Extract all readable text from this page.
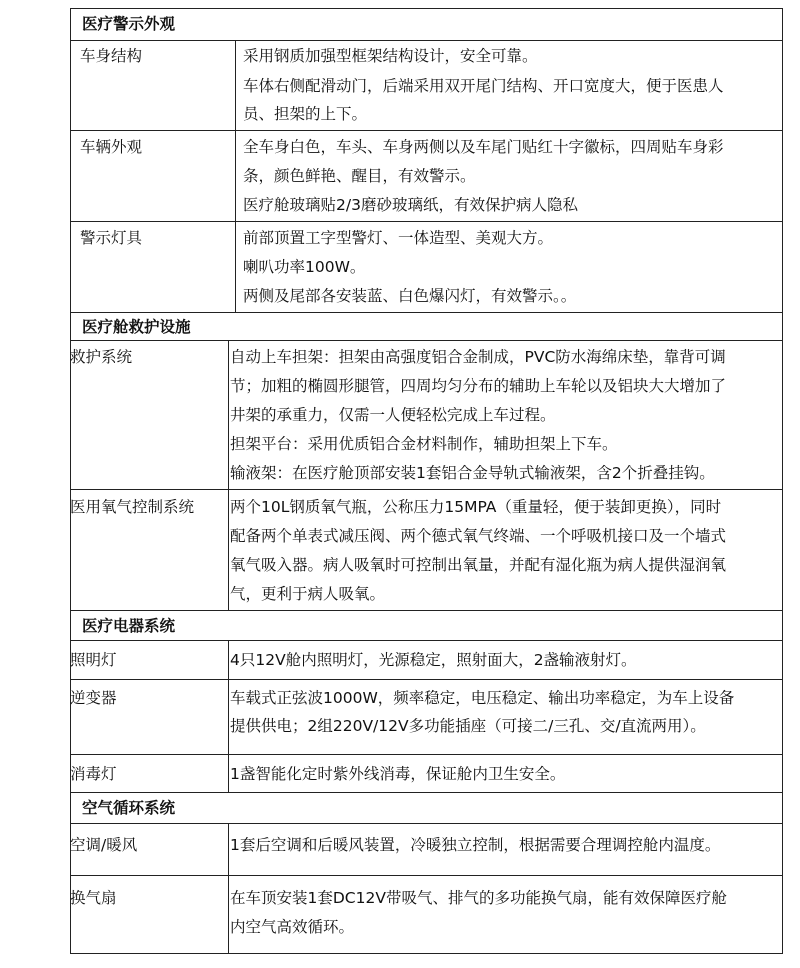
医疗警示外观
车身结构	采用钢质加强型框架结构设计，安全可靠。
车体右侧配滑动门，后端采用双开尾门结构、开口宽度大，便于医患人
员、担架的上下。
车辆外观	全车身白色，车头、车身两侧以及车尾门贴红十字徽标，四周贴车身彩
条，颜色鲜艳、醒目，有效警示。
医疗舱玻璃贴2/3磨砂玻璃纸，有效保护病人隐私
警示灯具	前部顶置工字型警灯、一体造型、美观大方。
喇叭功率100W。
两侧及尾部各安装蓝、白色爆闪灯，有效警示。。
医疗舱救护设施
救护系统	自动上车担架：担架由高强度铝合金制成，PVC防水海绵床垫，靠背可调
节；加粗的椭圆形腿管，四周均匀分布的辅助上车轮以及铝块大大增加了
井架的承重力，仅需一人便轻松完成上车过程。
担架平台：采用优质铝合金材料制作，辅助担架上下车。
输液架：在医疗舱顶部安装1套铝合金导轨式输液架，含2个折叠挂钩。
医用氧气控制系统 两个10L钢质氧气瓶，公称压力15MPA（重量轻，便于装卸更换），同时
配备两个单表式减压阀、两个德式氧气终端、一个呼吸机接口及一个墙式
氧气吸入器。病人吸氧时可控制出氧量，并配有湿化瓶为病人提供湿润氧
气，更利于病人吸氧。
医疗电器系统
照明灯	4只12V舱内照明灯，光源稳定，照射面大，2盏输液射灯。
逆变器	车载式正弦波1000W，频率稳定，电压稳定、输出功率稳定，为车上设备
提供供电；2组220V/12V多功能插座（可接二/三孔、交/直流两用）。
消毒灯	1盏智能化定时紫外线消毒，保证舱内卫生安全。
空气循环系统
空调/暖风	1套后空调和后暖风装置，冷暖独立控制，根据需要合理调控舱内温度。
换气扇	在车顶安装1套DC12V带吸气、排气的多功能换气扇，能有效保障医疗舱
内空气高效循环。
